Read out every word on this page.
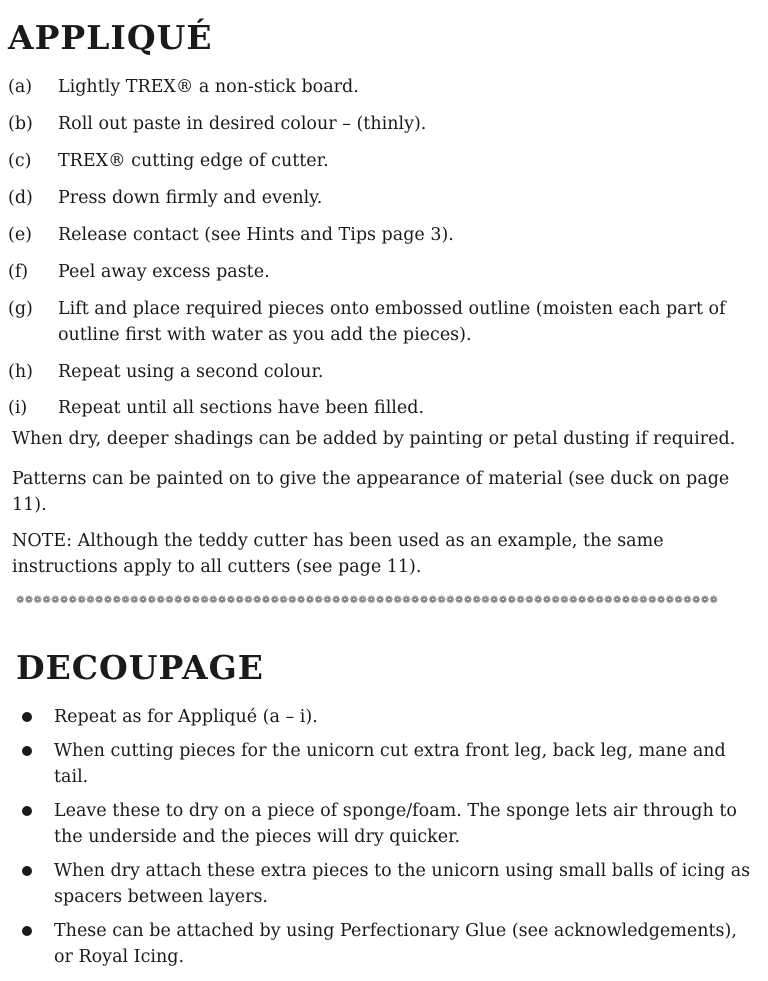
APPLIQUÉ
(a) Lightly TREX® a non-stick board.
(b) Roll out paste in desired colour – (thinly).
(c) TREX® cutting edge of cutter.
(d) Press down firmly and evenly.
(e) Release contact (see Hints and Tips page 3).
(f) Peel away excess paste.
(g) Lift and place required pieces onto embossed outline (moisten each part of outline first with water as you add the pieces).
(h) Repeat using a second colour.
(i) Repeat until all sections have been filled.

When dry, deeper shadings can be added by painting or petal dusting if required.

Patterns can be painted on to give the appearance of material (see duck on page 11).

NOTE: Although the teddy cutter has been used as an example, the same instructions apply to all cutters (see page 11).

❁❁❁❁❁❁❁❁❁❁❁❁❁❁❁❁❁❁❁❁❁❁❁❁❁❁❁❁❁❁❁❁❁❁❁❁❁❁❁❁❁❁❁❁❁❁❁❁❁❁❁❁❁❁❁❁❁❁❁❁❁❁❁❁❁❁❁❁❁❁❁❁❁❁❁❁❁❁❁❁
DECOUPAGE
Repeat as for Appliqué (a – i).
When cutting pieces for the unicorn cut extra front leg, back leg, mane and tail.
Leave these to dry on a piece of sponge/foam. The sponge lets air through to the underside and the pieces will dry quicker.
When dry attach these extra pieces to the unicorn using small balls of icing as spacers between layers.
These can be attached by using Perfectionary Glue (see acknowledgements), or Royal Icing.
